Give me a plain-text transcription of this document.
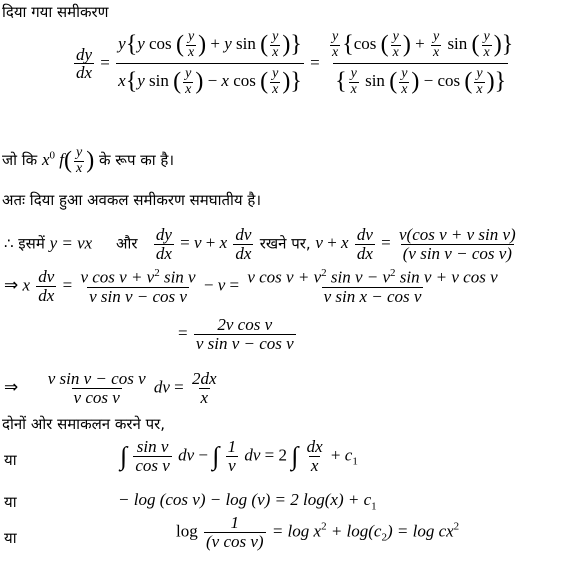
दिया गया समीकरण
$\frac{dy}{dx} = \frac{y\{y \cos ( \frac{y}{x} ) + y \sin ( \frac{y}{x} )\}}{x\{y \sin ( \frac{y}{x} ) - x \cos ( \frac{y}{x} )\}} = \frac{\frac{y}{x} \{\cos ( \frac{y}{x} ) + \frac{y}{x} \sin ( \frac{y}{x} )\}}{\{ \frac{y}{x} \sin ( \frac{y}{x} ) - \cos ( \frac{y}{x} )\}}$
जो कि $x^0$ $f( \frac{y}{x}$ ) के रूप का है।
अतः दिया हुआ अवकल समीकरण समघातीय है।
∴ इसमें y = vx और $\frac{dy}{dx} = v + x \frac{dv}{dx}$ रखने पर, v + x $\frac{dv}{dx} = \frac{\text{v(cos v + v sin v)}}{\text{(v sin v − cos v)}}$
⇒ x $\frac{dv}{dx} = \frac{v \cos v + v^2 \sin v}{\text{v sin v − cos v}} - v = \frac{v \cos v + v^2 \sin v - v^2 \sin v + v \cos v}{\text{v sin x − cos v}}$
= $\frac{\text{2v cos v}}{\text{v sin v − cos v}}$
⇒ $\frac{\text{v sin v − cos v}}{\text{v cos v}}$ dv = $\frac{2dx}{x}$
दोनों ओर समाकलन करने पर,
या	∫ $\frac{\text{sin v}}{\text{cos v}}$ dv − ∫ $\frac{1}{v}$ dv = 2 ∫ $\frac{dx}{x} + c_1$
या	− log (cos v) − log (v) = 2 $\log(x) + c_1$
या	$\log \frac{1}{\text{(v cos v)}} = \log x^2 + \log(c_2) = \log cx^2$
